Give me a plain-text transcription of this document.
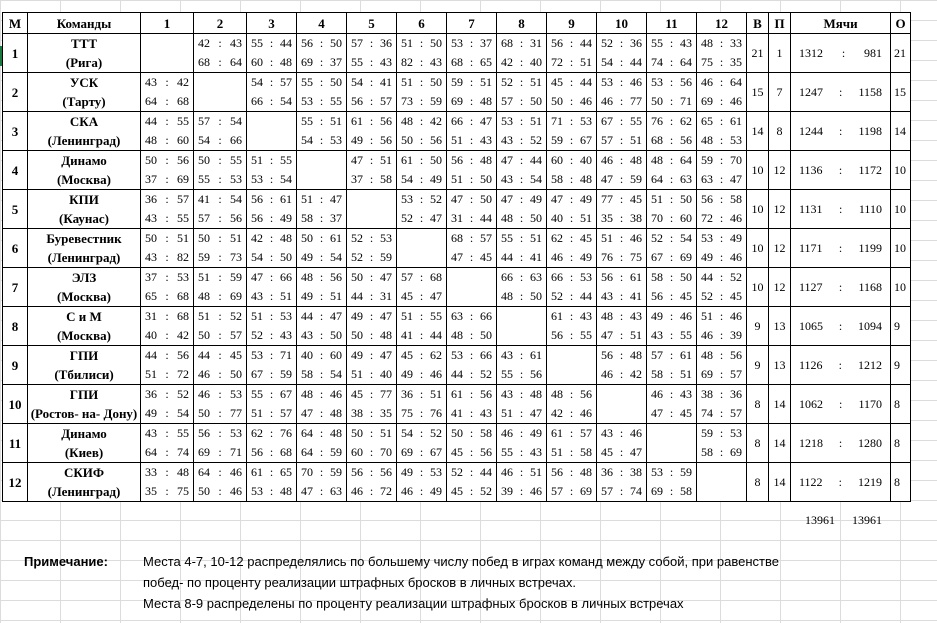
М	Команды	1	2	3	4	5	6	7	8	9	10	11	12	В	П	Мячи	О
1	ТТТ		42 : 43	55 : 44	56 : 50	57 : 36	51 : 50	53 : 37	68 : 31	56 : 44	52 : 36	55 : 43	48 : 33	21	1	1312 : 981	21
	(Рига)		68 : 64	60 : 48	69 : 37	55 : 43	82 : 43	68 : 65	42 : 40	72 : 51	54 : 44	74 : 64	75 : 35				

2	УСК	43 : 42		54 : 57	55 : 50	54 : 41	51 : 50	59 : 51	52 : 51	45 : 44	53 : 46	53 : 56	46 : 64	15	7	1247 : 1158	15
	(Тарту)	64 : 68		66 : 54	53 : 55	56 : 57	73 : 59	69 : 48	57 : 50	50 : 46	46 : 77	50 : 71	69 : 46				

3	СКА	44 : 55	57 : 54		55 : 51	61 : 56	48 : 42	66 : 47	53 : 51	71 : 53	67 : 55	76 : 62	65 : 61	14	8	1244 : 1198	14
	(Ленинград)	48 : 60	54 : 66		54 : 53	49 : 56	50 : 56	51 : 43	43 : 52	59 : 67	57 : 51	68 : 56	48 : 53				

4	Динамо	50 : 56	50 : 55	51 : 55		47 : 51	61 : 50	56 : 48	47 : 44	60 : 40	46 : 48	48 : 64	59 : 70	10	12	1136 : 1172	10
	(Москва)	37 : 69	55 : 53	53 : 54		37 : 58	54 : 49	51 : 50	43 : 54	58 : 48	47 : 59	64 : 63	63 : 47				

5	КПИ	36 : 57	41 : 54	56 : 61	51 : 47		53 : 52	47 : 50	47 : 49	47 : 49	77 : 45	51 : 50	56 : 58	10	12	1131 : 1110	10
	(Каунас)	43 : 55	57 : 56	56 : 49	58 : 37		52 : 47	31 : 44	48 : 50	40 : 51	35 : 38	70 : 60	72 : 46				

6	Буревестник	50 : 51	50 : 51	42 : 48	50 : 61	52 : 53		68 : 57	55 : 51	62 : 45	51 : 46	52 : 54	53 : 49	10	12	1171 : 1199	10
	(Ленинград)	43 : 82	59 : 73	54 : 50	49 : 54	52 : 59		47 : 45	44 : 41	46 : 49	76 : 75	67 : 69	49 : 46				

7	ЭЛЗ	37 : 53	51 : 59	47 : 66	48 : 56	50 : 47	57 : 68		66 : 63	66 : 53	56 : 61	58 : 50	44 : 52	10	12	1127 : 1168	10
	(Москва)	65 : 68	48 : 69	43 : 51	49 : 51	44 : 31	45 : 47		48 : 50	52 : 44	43 : 41	56 : 45	52 : 45				

8	С и М	31 : 68	51 : 52	51 : 53	44 : 47	49 : 47	51 : 55	63 : 66		61 : 43	48 : 43	49 : 46	51 : 46	9	13	1065 : 1094	9
	(Москва)	40 : 42	50 : 57	52 : 43	43 : 50	50 : 48	41 : 44	48 : 50		56 : 55	47 : 51	43 : 55	46 : 39				

9	ГПИ	44 : 56	44 : 45	53 : 71	40 : 60	49 : 47	45 : 62	53 : 66	43 : 61		56 : 48	57 : 61	48 : 56	9	13	1126 : 1212	9
	(Тбилиси)	51 : 72	46 : 50	67 : 59	58 : 54	51 : 40	49 : 46	44 : 52	55 : 56		46 : 42	58 : 51	69 : 57				

10	ГПИ	36 : 52	46 : 53	55 : 67	48 : 46	45 : 77	36 : 51	61 : 56	43 : 48	48 : 56		46 : 43	38 : 36	8	14	1062 : 1170	8
	(Ростов- на- Дону)	49 : 54	50 : 77	51 : 57	47 : 48	38 : 35	75 : 76	41 : 43	51 : 47	42 : 46		47 : 45	74 : 57				

11	Динамо	43 : 55	56 : 53	62 : 76	64 : 48	50 : 51	54 : 52	50 : 58	46 : 49	61 : 57	43 : 46		59 : 53	8	14	1218 : 1280	8
	(Киев)	64 : 74	69 : 71	56 : 68	64 : 59	60 : 70	69 : 67	45 : 56	55 : 43	51 : 58	45 : 47		58 : 69				

12	СКИФ	33 : 48	64 : 46	61 : 65	70 : 59	56 : 56	49 : 53	52 : 44	46 : 51	56 : 48	36 : 38	53 : 59		8	14	1122 : 1219	8
	(Ленинград)	35 : 75	50 : 46	53 : 48	47 : 63	46 : 72	46 : 49	45 : 52	39 : 46	57 : 69	57 : 74	69 : 58					
13961 13961
Примечание:	Места 4-7, 10-12 распределялись по большему числу побед в играх команд между собой, при равенстве
побед- по проценту реализации штрафных бросков в личных встречах.
Места 8-9 распределены по проценту реализации штрафных бросков в личных встречах
